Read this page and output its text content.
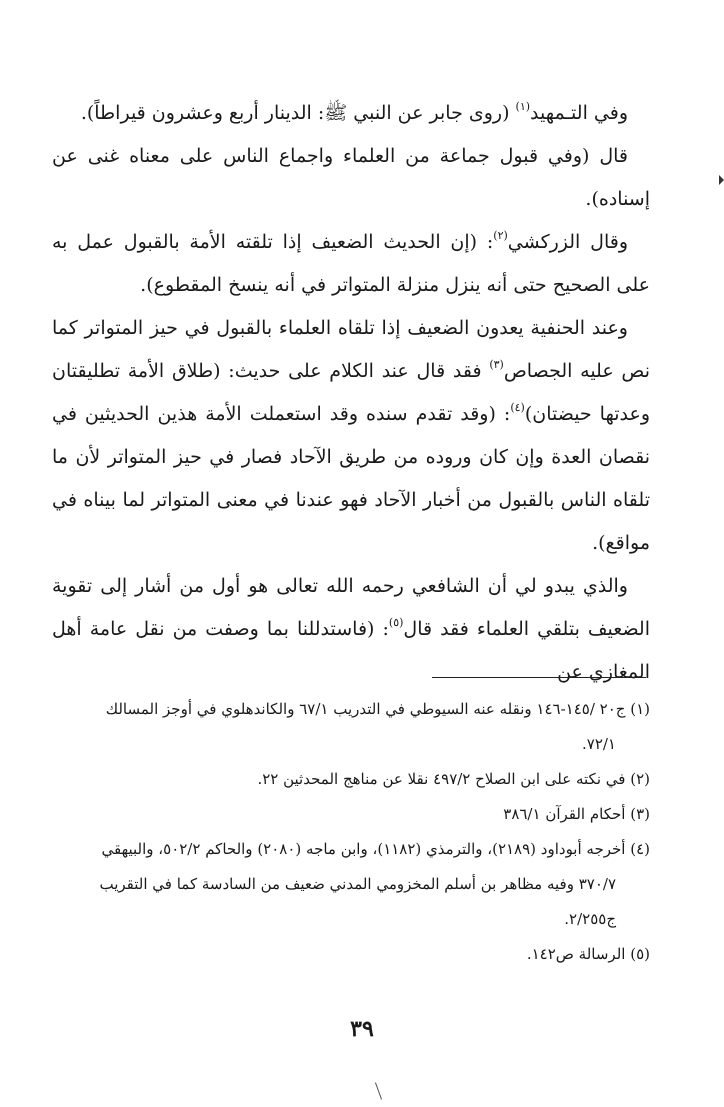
وفي التـمهيد$^{(١)}$ (روى جابر عن النبي ﷺ: الدينار أربع وعشرون قيراطاً).

قال (وفي قبول جماعة من العلماء واجماع الناس على معناه غنى عن إسناده).

وقال الزركشي$^{(٢)}$: (إن الحديث الضعيف إذا تلقته الأمة بالقبول عمل به على الصحيح حتى أنه ينزل منزلة المتواتر في أنه ينسخ المقطوع).

وعند الحنفية يعدون الضعيف إذا تلقاه العلماء بالقبول في حيز المتواتر كما نص عليه الجصاص$^{(٣)}$ فقد قال عند الكلام على حديث: (طلاق الأمة تطليقتان وعدتها حيضتان)$^{(٤)}$: (وقد تقدم سنده وقد استعملت الأمة هذين الحديثين في نقصان العدة وإن كان وروده من طريق الآحاد فصار في حيز المتواتر لأن ما تلقاه الناس بالقبول من أخبار الآحاد فهو عندنا في معنى المتواتر لما بيناه في مواقع).

والذي يبدو لي أن الشافعي رحمه الله تعالى هو أول من أشار إلى تقوية الضعيف بتلقي العلماء فقد قال$^{(٥)}$: (فاستدللنا بما وصفت من نقل عامة أهل المغازي عن

(١) ج٢٠ /١٤٥-١٤٦ ونقله عنه السيوطي في التدريب ٦٧/١ والكاندهلوي في أوجز المسالك
٧٢/١.

(٢) في نكته على ابن الصلاح ٤٩٧/٢ نقلا عن مناهج المحدثين ٢٢.

(٣) أحكام القرآن ٣٨٦/١

(٤) أخرجه أبوداود (٢١٨٩)، والترمذي (١١٨٢)، وابن ماجه (٢٠٨٠) والحاكم ٥٠٢/٢، والبيهقي
٣٧٠/٧ وفيه مظاهر بن أسلم المخزومي المدني ضعيف من السادسة كما في التقريب
ج٢/٢٥٥.

(٥) الرسالة ص١٤٢.

٣٩
